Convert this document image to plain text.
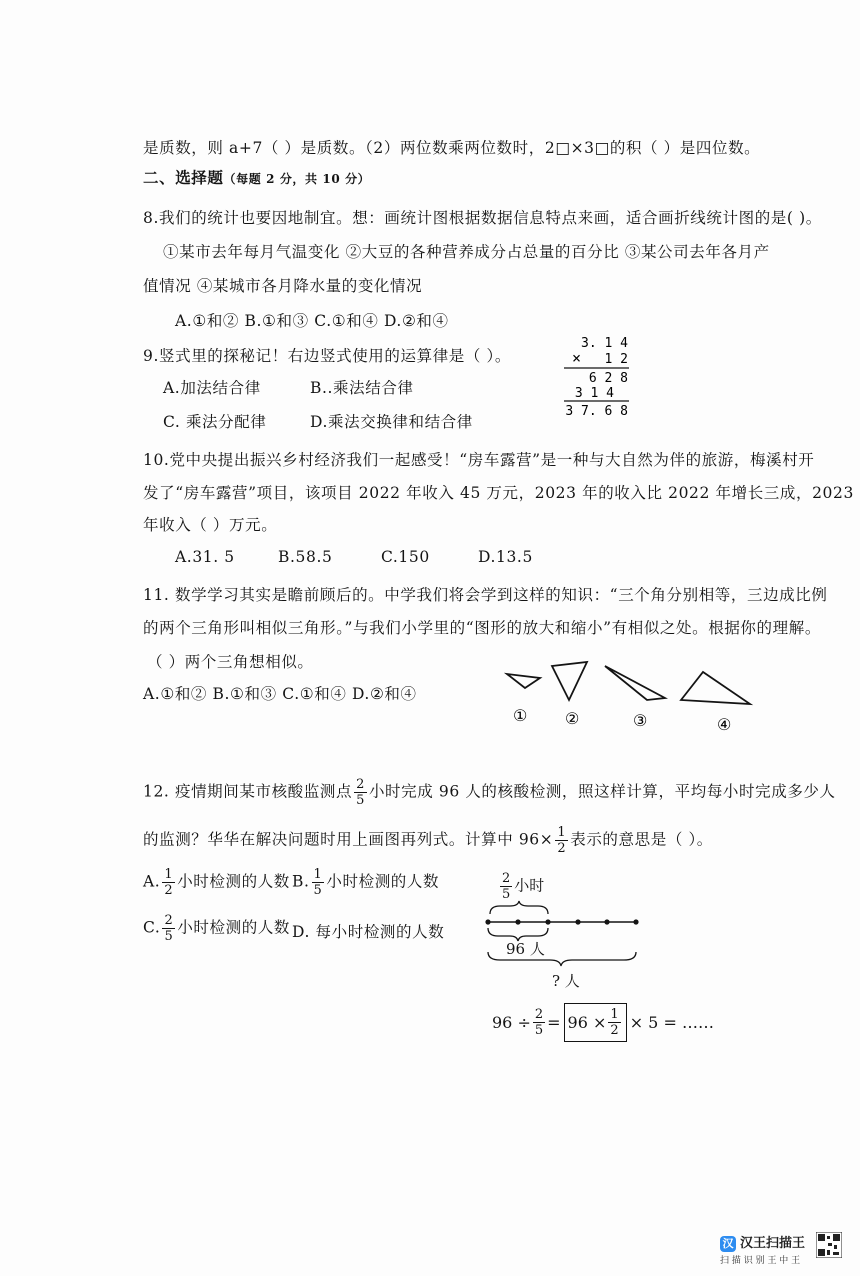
是质数，则 a+7（ ）是质数。（2）两位数乘两位数时，2□×3□的积（ ）是四位数。
二、选择题（每题 2 分，共 10 分）
8.我们的统计也要因地制宜。想：画统计图根据数据信息特点来画，适合画折线统计图的是( )。
①某市去年每月气温变化 ②大豆的各种营养成分占总量的百分比 ③某公司去年各月产
值情况 ④某城市各月降水量的变化情况
A.①和② B.①和③ C.①和④ D.②和④
9.竖式里的探秘记！右边竖式使用的运算律是（ ）。
A.加法结合律	B..乘法结合律
C. 乘法分配律	D.乘法交换律和结合律
3. 1 4
× 1 2
6 2 8
3 1 4
3 7. 6 8
10.党中央提出振兴乡村经济我们一起感受！“房车露营”是一种与大自然为伴的旅游，梅溪村开
发了“房车露营”项目，该项目 2022 年收入 45 万元，2023 年的收入比 2022 年增长三成，2023
年收入（ ）万元。
A.31. 5	B.58.5	C.150	D.13.5
11. 数学学习其实是瞻前顾后的。中学我们将会学到这样的知识：“三个角分别相等，三边成比例
的两个三角形叫相似三角形。”与我们小学里的“图形的放大和缩小”有相似之处。根据你的理解。
（ ）两个三角想相似。
A.①和② B.①和③ C.①和④ D.②和④
① ②	③	④
12. 疫情期间某市核酸监测点 $\frac{2}{5}$ 小时完成 96 人的核酸检测，照这样计算，平均每小时完成多少人
的监测？华华在解决问题时用上画图再列式。计算中 $96\times \frac{1}{2}$ 表示的意思是（ ）。
A. $\frac{1}{2}$ 小时检测的人数 B. $\frac{1}{5}$ 小时检测的人数
C. $\frac{2}{5}$ 小时检测的人数 D. 每小时检测的人数
$\frac{2}{5}$ 小时
96 人
? 人
$96 \div \frac{2}{5} = 96 \times \frac{1}{2} \times 5$ = ……
汉 汉王扫描王
扫 描 识 别 王 中 王
